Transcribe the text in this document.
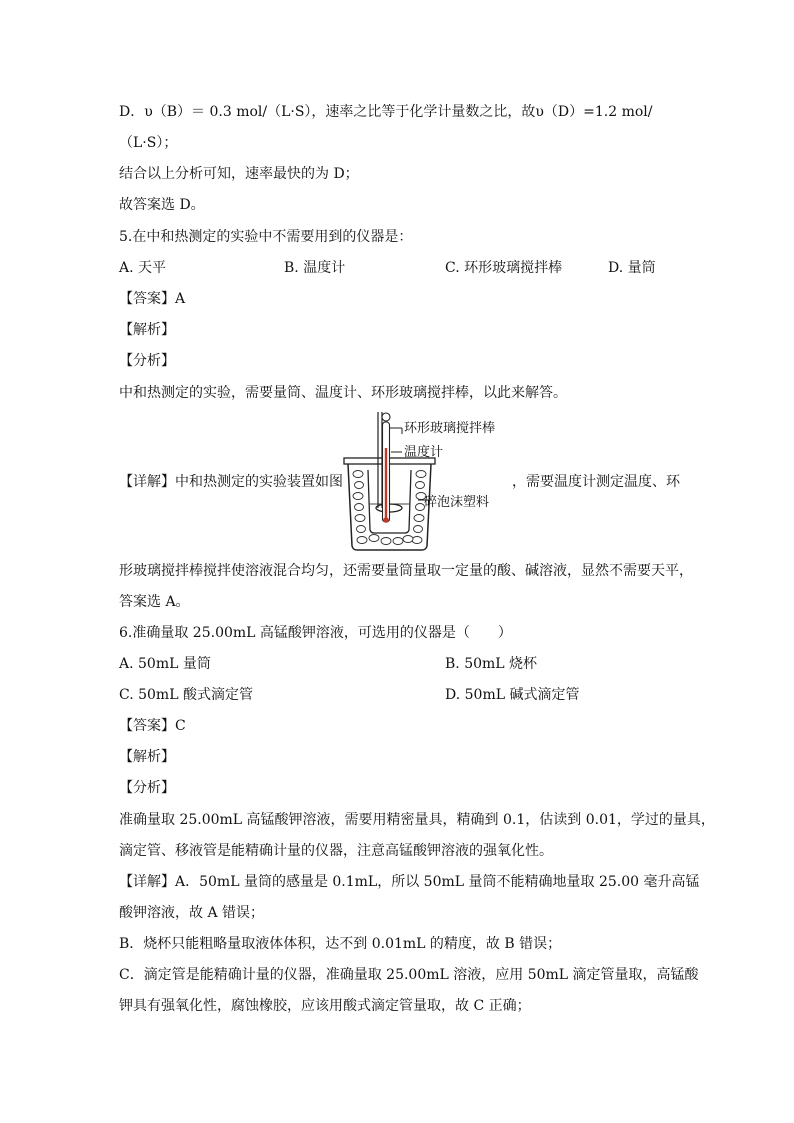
D．υ（B）＝ 0.3 mol/（L·S），速率之比等于化学计量数之比，故υ（D）=1.2 mol/
（L·S）；
结合以上分析可知，速率最快的为 D；
故答案选 D。
5.在中和热测定的实验中不需要用到的仪器是：
A. 天平	B. 温度计	C. 环形玻璃搅拌棒	D. 量筒
【答案】A
【解析】
【分析】
中和热测定的实验，需要量筒、温度计、环形玻璃搅拌棒，以此来解答。
【详解】中和热测定的实验装置如图
环形玻璃搅拌棒
温度计
碎泡沫塑料
，需要温度计测定温度、环
形玻璃搅拌棒搅拌使溶液混合均匀，还需要量筒量取一定量的酸、碱溶液，显然不需要天平，
答案选 A。
6.准确量取 25.00mL 高锰酸钾溶液，可选用的仪器是（　　）
A. 50mL 量筒	B. 50mL 烧杯
C. 50mL 酸式滴定管	D. 50mL 碱式滴定管
【答案】C
【解析】
【分析】
准确量取 25.00mL 高锰酸钾溶液，需要用精密量具，精确到 0.1，估读到 0.01，学过的量具，
滴定管、移液管是能精确计量的仪器，注意高锰酸钾溶液的强氧化性。
【详解】A．50mL 量筒的感量是 0.1mL，所以 50mL 量筒不能精确地量取 25.00 毫升高锰
酸钾溶液，故 A 错误；
B．烧杯只能粗略量取液体体积，达不到 0.01mL 的精度，故 B 错误；
C．滴定管是能精确计量的仪器，准确量取 25.00mL 溶液，应用 50mL 滴定管量取，高锰酸
钾具有强氧化性，腐蚀橡胶，应该用酸式滴定管量取，故 C 正确；
